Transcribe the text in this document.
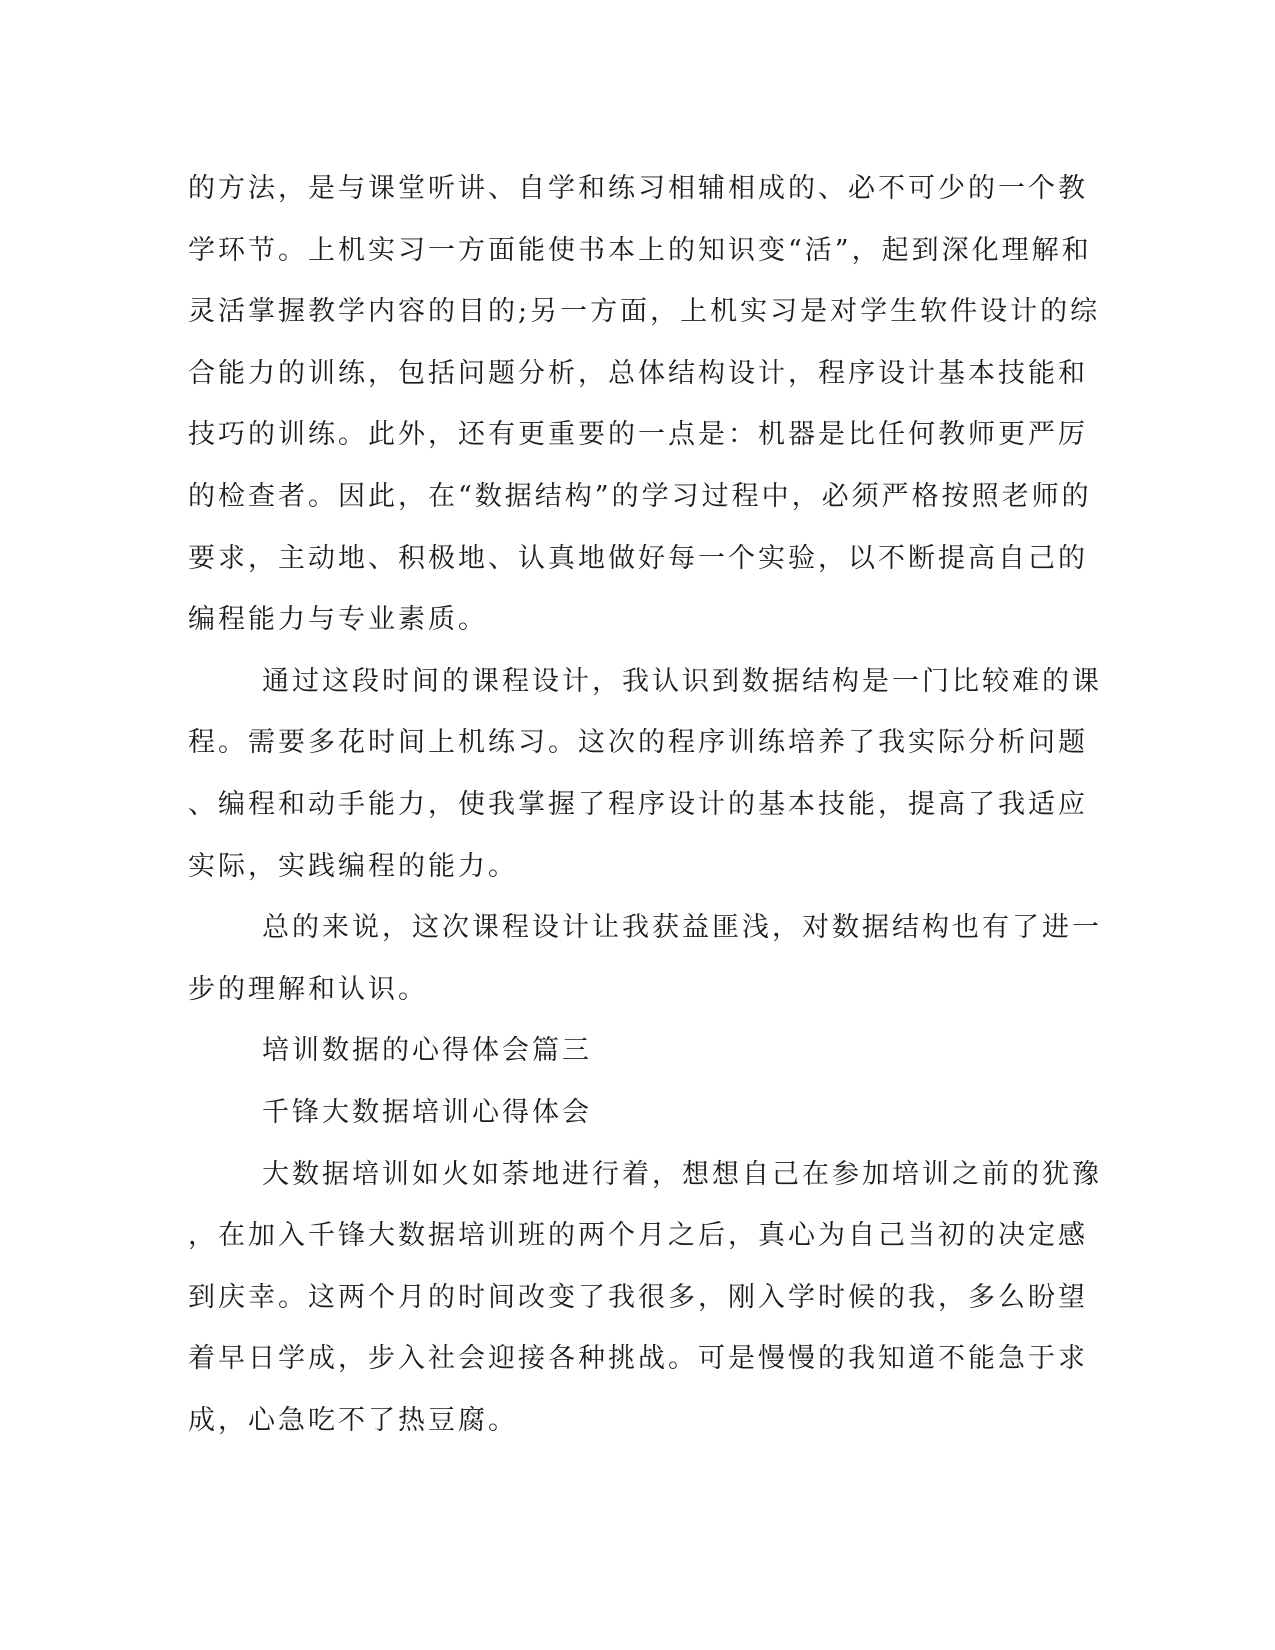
的方法，是与课堂听讲、自学和练习相辅相成的、必不可少的一个教
学环节。上机实习一方面能使书本上的知识变“活”，起到深化理解和
灵活掌握教学内容的目的;另一方面，上机实习是对学生软件设计的综
合能力的训练，包括问题分析，总体结构设计，程序设计基本技能和
技巧的训练。此外，还有更重要的一点是：机器是比任何教师更严厉
的检查者。因此，在“数据结构”的学习过程中，必须严格按照老师的
要求，主动地、积极地、认真地做好每一个实验，以不断提高自己的
编程能力与专业素质。
通过这段时间的课程设计，我认识到数据结构是一门比较难的课
程。需要多花时间上机练习。这次的程序训练培养了我实际分析问题
、编程和动手能力，使我掌握了程序设计的基本技能，提高了我适应
实际，实践编程的能力。
总的来说，这次课程设计让我获益匪浅，对数据结构也有了进一
步的理解和认识。
培训数据的心得体会篇三
千锋大数据培训心得体会
大数据培训如火如荼地进行着，想想自己在参加培训之前的犹豫
，在加入千锋大数据培训班的两个月之后，真心为自己当初的决定感
到庆幸。这两个月的时间改变了我很多，刚入学时候的我，多么盼望
着早日学成，步入社会迎接各种挑战。可是慢慢的我知道不能急于求
成，心急吃不了热豆腐。
